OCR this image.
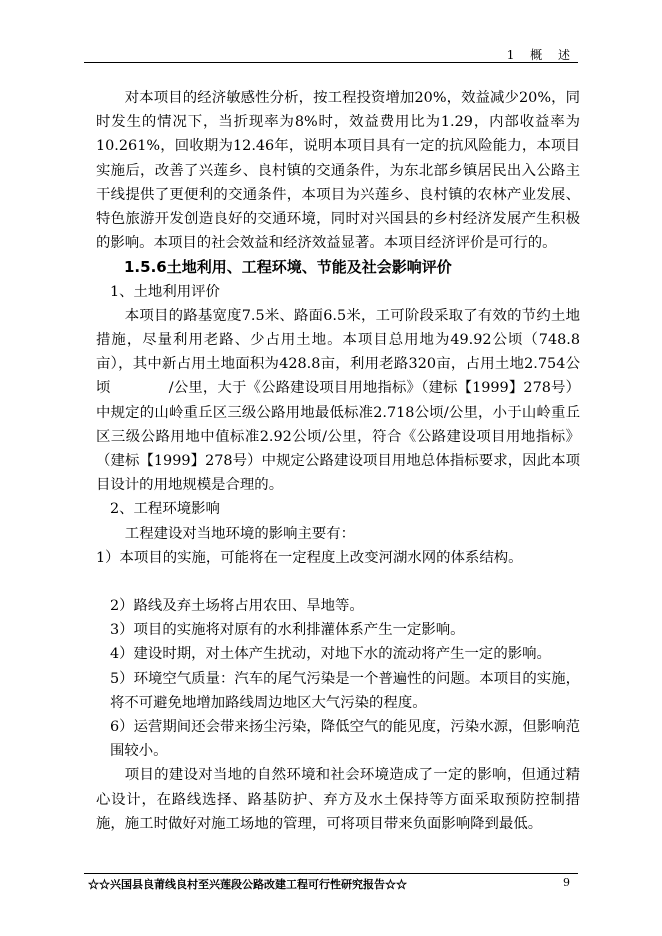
1 概 述

对本项目的经济敏感性分析，按工程投资增加20%，效益减少20%，同时发生的情况下，当折现率为8%时，效益费用比为1.29，内部收益率为10.261%，回收期为12.46年，说明本项目具有一定的抗风险能力，本项目实施后，改善了兴莲乡、良村镇的交通条件，为东北部乡镇居民出入公路主干线提供了更便利的交通条件，本项目为兴莲乡、良村镇的农林产业发展、特色旅游开发创造良好的交通环境，同时对兴国县的乡村经济发展产生积极的影响。本项目的社会效益和经济效益显著。本项目经济评价是可行的。

1.5.6土地利用、工程环境、节能及社会影响评价

1、土地利用评价

本项目的路基宽度7.5米、路面6.5米，工可阶段采取了有效的节约土地措施，尽量利用老路、少占用土地。本项目总用地为49.92公顷（748.8亩），其中新占用土地面积为428.8亩，利用老路320亩，占用土地2.754公顷　　　　/公里，大于《公路建设项目用地指标》（建标【1999】278号）中规定的山岭重丘区三级公路用地最低标准2.718公顷/公里，小于山岭重丘区三级公路用地中值标准2.92公顷/公里，符合《公路建设项目用地指标》（建标【1999】278号）中规定公路建设项目用地总体指标要求，因此本项目设计的用地规模是合理的。

2、工程环境影响

工程建设对当地环境的影响主要有：

1）本项目的实施，可能将在一定程度上改变河湖水网的体系结构。

2）路线及弃土场将占用农田、旱地等。

3）项目的实施将对原有的水利排灌体系产生一定影响。

4）建设时期，对土体产生扰动，对地下水的流动将产生一定的影响。

5）环境空气质量：汽车的尾气污染是一个普遍性的问题。本项目的实施，将不可避免地增加路线周边地区大气污染的程度。

6）运营期间还会带来扬尘污染，降低空气的能见度，污染水源，但影响范围较小。

项目的建设对当地的自然环境和社会环境造成了一定的影响，但通过精心设计，在路线选择、路基防护、弃方及水土保持等方面采取预防控制措施，施工时做好对施工场地的管理，可将项目带来负面影响降到最低。

☆☆兴国县良莆线良村至兴莲段公路改建工程可行性研究报告☆☆	9
